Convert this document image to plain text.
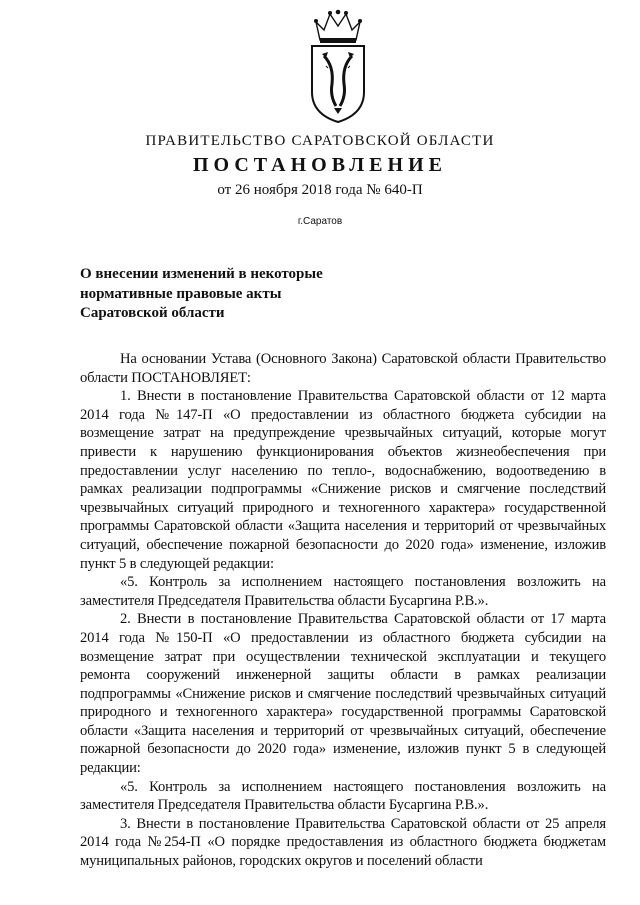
ПРАВИТЕЛЬСТВО САРАТОВСКОЙ ОБЛАСТИ
ПОСТАНОВЛЕНИЕ
от 26 ноября 2018 года № 640-П
г.Саратов
О внесении изменений в некоторые
нормативные правовые акты
Саратовской области

На основании Устава (Основного Закона) Саратовской области Правительство области ПОСТАНОВЛЯЕТ:

1. Внести в постановление Правительства Саратовской области от 12 марта 2014 года №147-П «О предоставлении из областного бюджета субсидии на возмещение затрат на предупреждение чрезвычайных ситуаций, которые могут привести к нарушению функционирования объектов жизнеобеспечения при предоставлении услуг населению по тепло-, водоснабжению, водоотведению в рамках реализации подпрограммы «Снижение рисков и смягчение последствий чрезвычайных ситуаций природного и техногенного характера» государственной программы Саратовской области «Защита населения и территорий от чрезвычайных ситуаций, обеспечение пожарной безопасности до 2020 года» изменение, изложив пункт 5 в следующей редакции:

«5. Контроль за исполнением настоящего постановления возложить на заместителя Председателя Правительства области Бусаргина Р.В.».

2. Внести в постановление Правительства Саратовской области от 17 марта 2014 года №150-П «О предоставлении из областного бюджета субсидии на возмещение затрат при осуществлении технической эксплуатации и текущего ремонта сооружений инженерной защиты области в рамках реализации подпрограммы «Снижение рисков и смягчение последствий чрезвычайных ситуаций природного и техногенного характера» государственной программы Саратовской области «Защита населения и территорий от чрезвычайных ситуаций, обеспечение пожарной безопасности до 2020 года» изменение, изложив пункт 5 в следующей редакции:

«5. Контроль за исполнением настоящего постановления возложить на заместителя Председателя Правительства области Бусаргина Р.В.».

3. Внести в постановление Правительства Саратовской области от 25 апреля 2014 года №254-П «О порядке предоставления из областного бюджета бюджетам муниципальных районов, городских округов и поселений области
